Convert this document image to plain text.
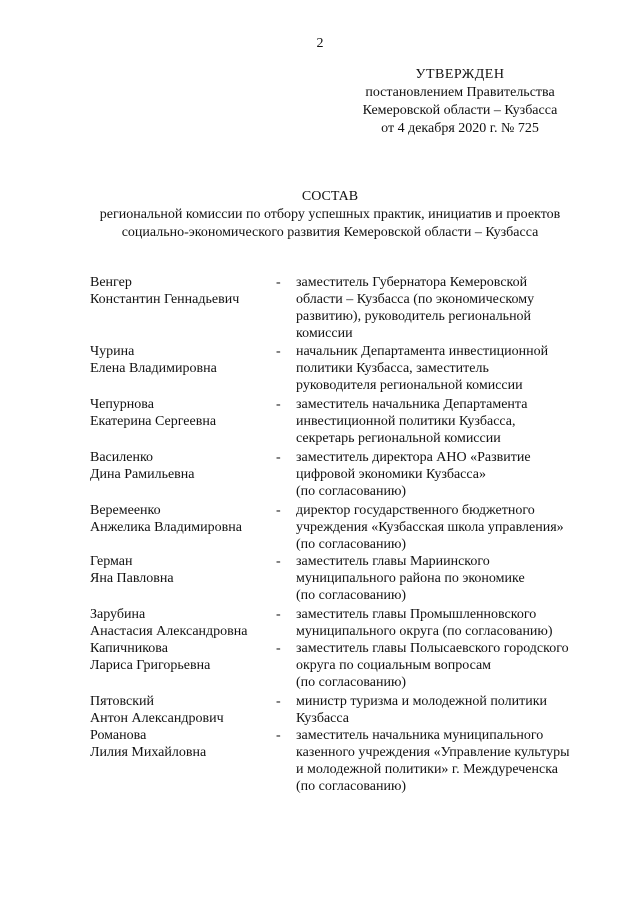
2
УТВЕРЖДЕН
постановлением Правительства
Кемеровской области – Кузбасса
от 4 декабря 2020 г. № 725
СОСТАВ
региональной комиссии по отбору успешных практик, инициатив и проектов
социально-экономического развития Кемеровской области – Кузбасса
Венгер
Константин Геннадьевич
-	заместитель Губернатора Кемеровской
области – Кузбасса (по экономическому
развитию), руководитель региональной
комиссии
Чурина
Елена Владимировна
-	начальник Департамента инвестиционной
политики Кузбасса, заместитель
руководителя региональной комиссии
Чепурнова
Екатерина Сергеевна
-	заместитель начальника Департамента
инвестиционной политики Кузбасса,
секретарь региональной комиссии
Василенко
Дина Рамильевна
-	заместитель директора АНО «Развитие
цифровой экономики Кузбасса»
(по согласованию)
Веремеенко
Анжелика Владимировна
-	директор государственного бюджетного
учреждения «Кузбасская школа управления»
(по согласованию)
Герман
Яна Павловна
-	заместитель главы Мариинского
муниципального района по экономике
(по согласованию)
Зарубина
Анастасия Александровна
-	заместитель главы Промышленновского
муниципального округа (по согласованию)
Капичникова
Лариса Григорьевна
-	заместитель главы Полысаевского городского
округа по социальным вопросам
(по согласованию)
Пятовский
Антон Александрович
-	министр туризма и молодежной политики
Кузбасса
Романова
Лилия Михайловна
-	заместитель начальника муниципального
казенного учреждения «Управление культуры
и молодежной политики» г. Междуреченска
(по согласованию)
